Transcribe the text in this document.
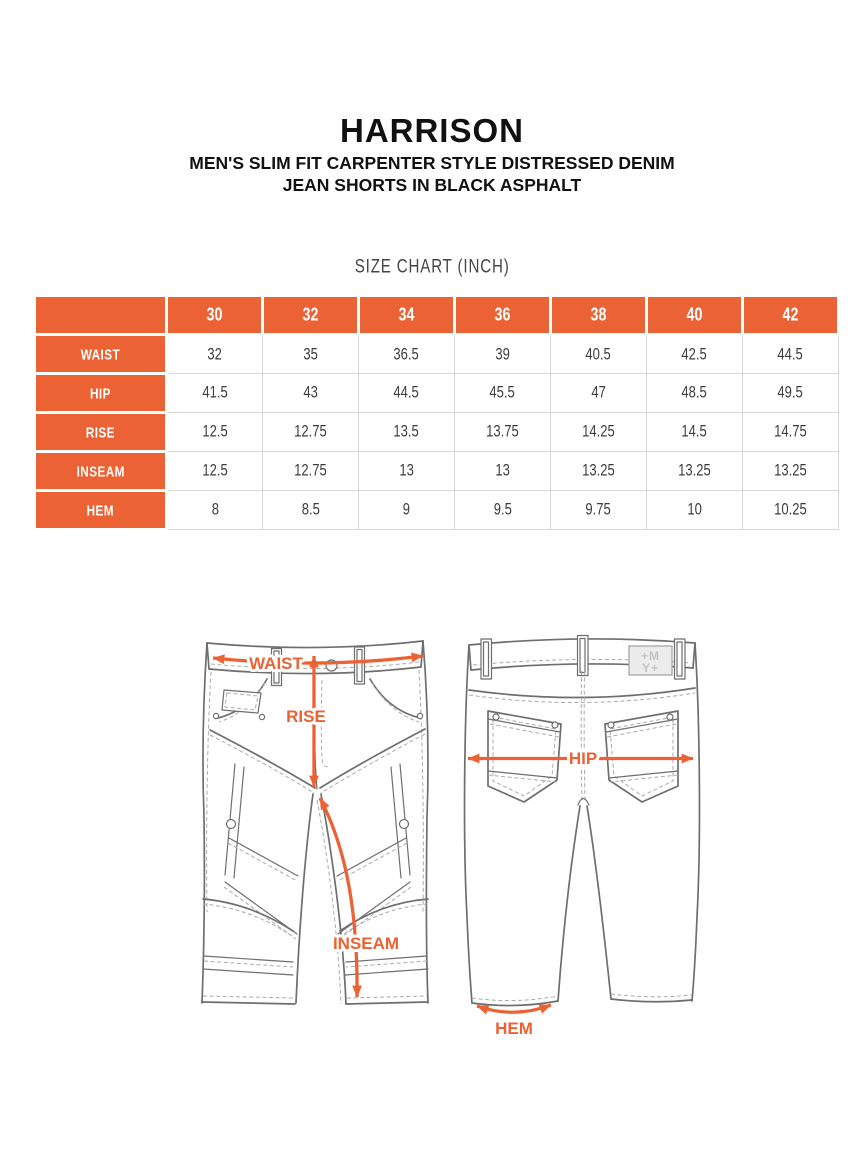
HARRISON
MEN'S SLIM FIT CARPENTER STYLE DISTRESSED DENIM
JEAN SHORTS IN BLACK ASPHALT
SIZE CHART (INCH)
	30	32	34	36	38	40	42
WAIST	32	35	36.5	39	40.5	42.5	44.5
HIP	41.5	43	44.5	45.5	47	48.5	49.5
RISE	12.5	12.75	13.5	13.75	14.25	14.5	14.75
INSEAM	12.5	12.75	13	13	13.25	13.25	13.25
HEM	8	8.5	9	9.5	9.75	10	10.25
+M
Y+
WAIST
RISE
INSEAM
HIP
HEM
